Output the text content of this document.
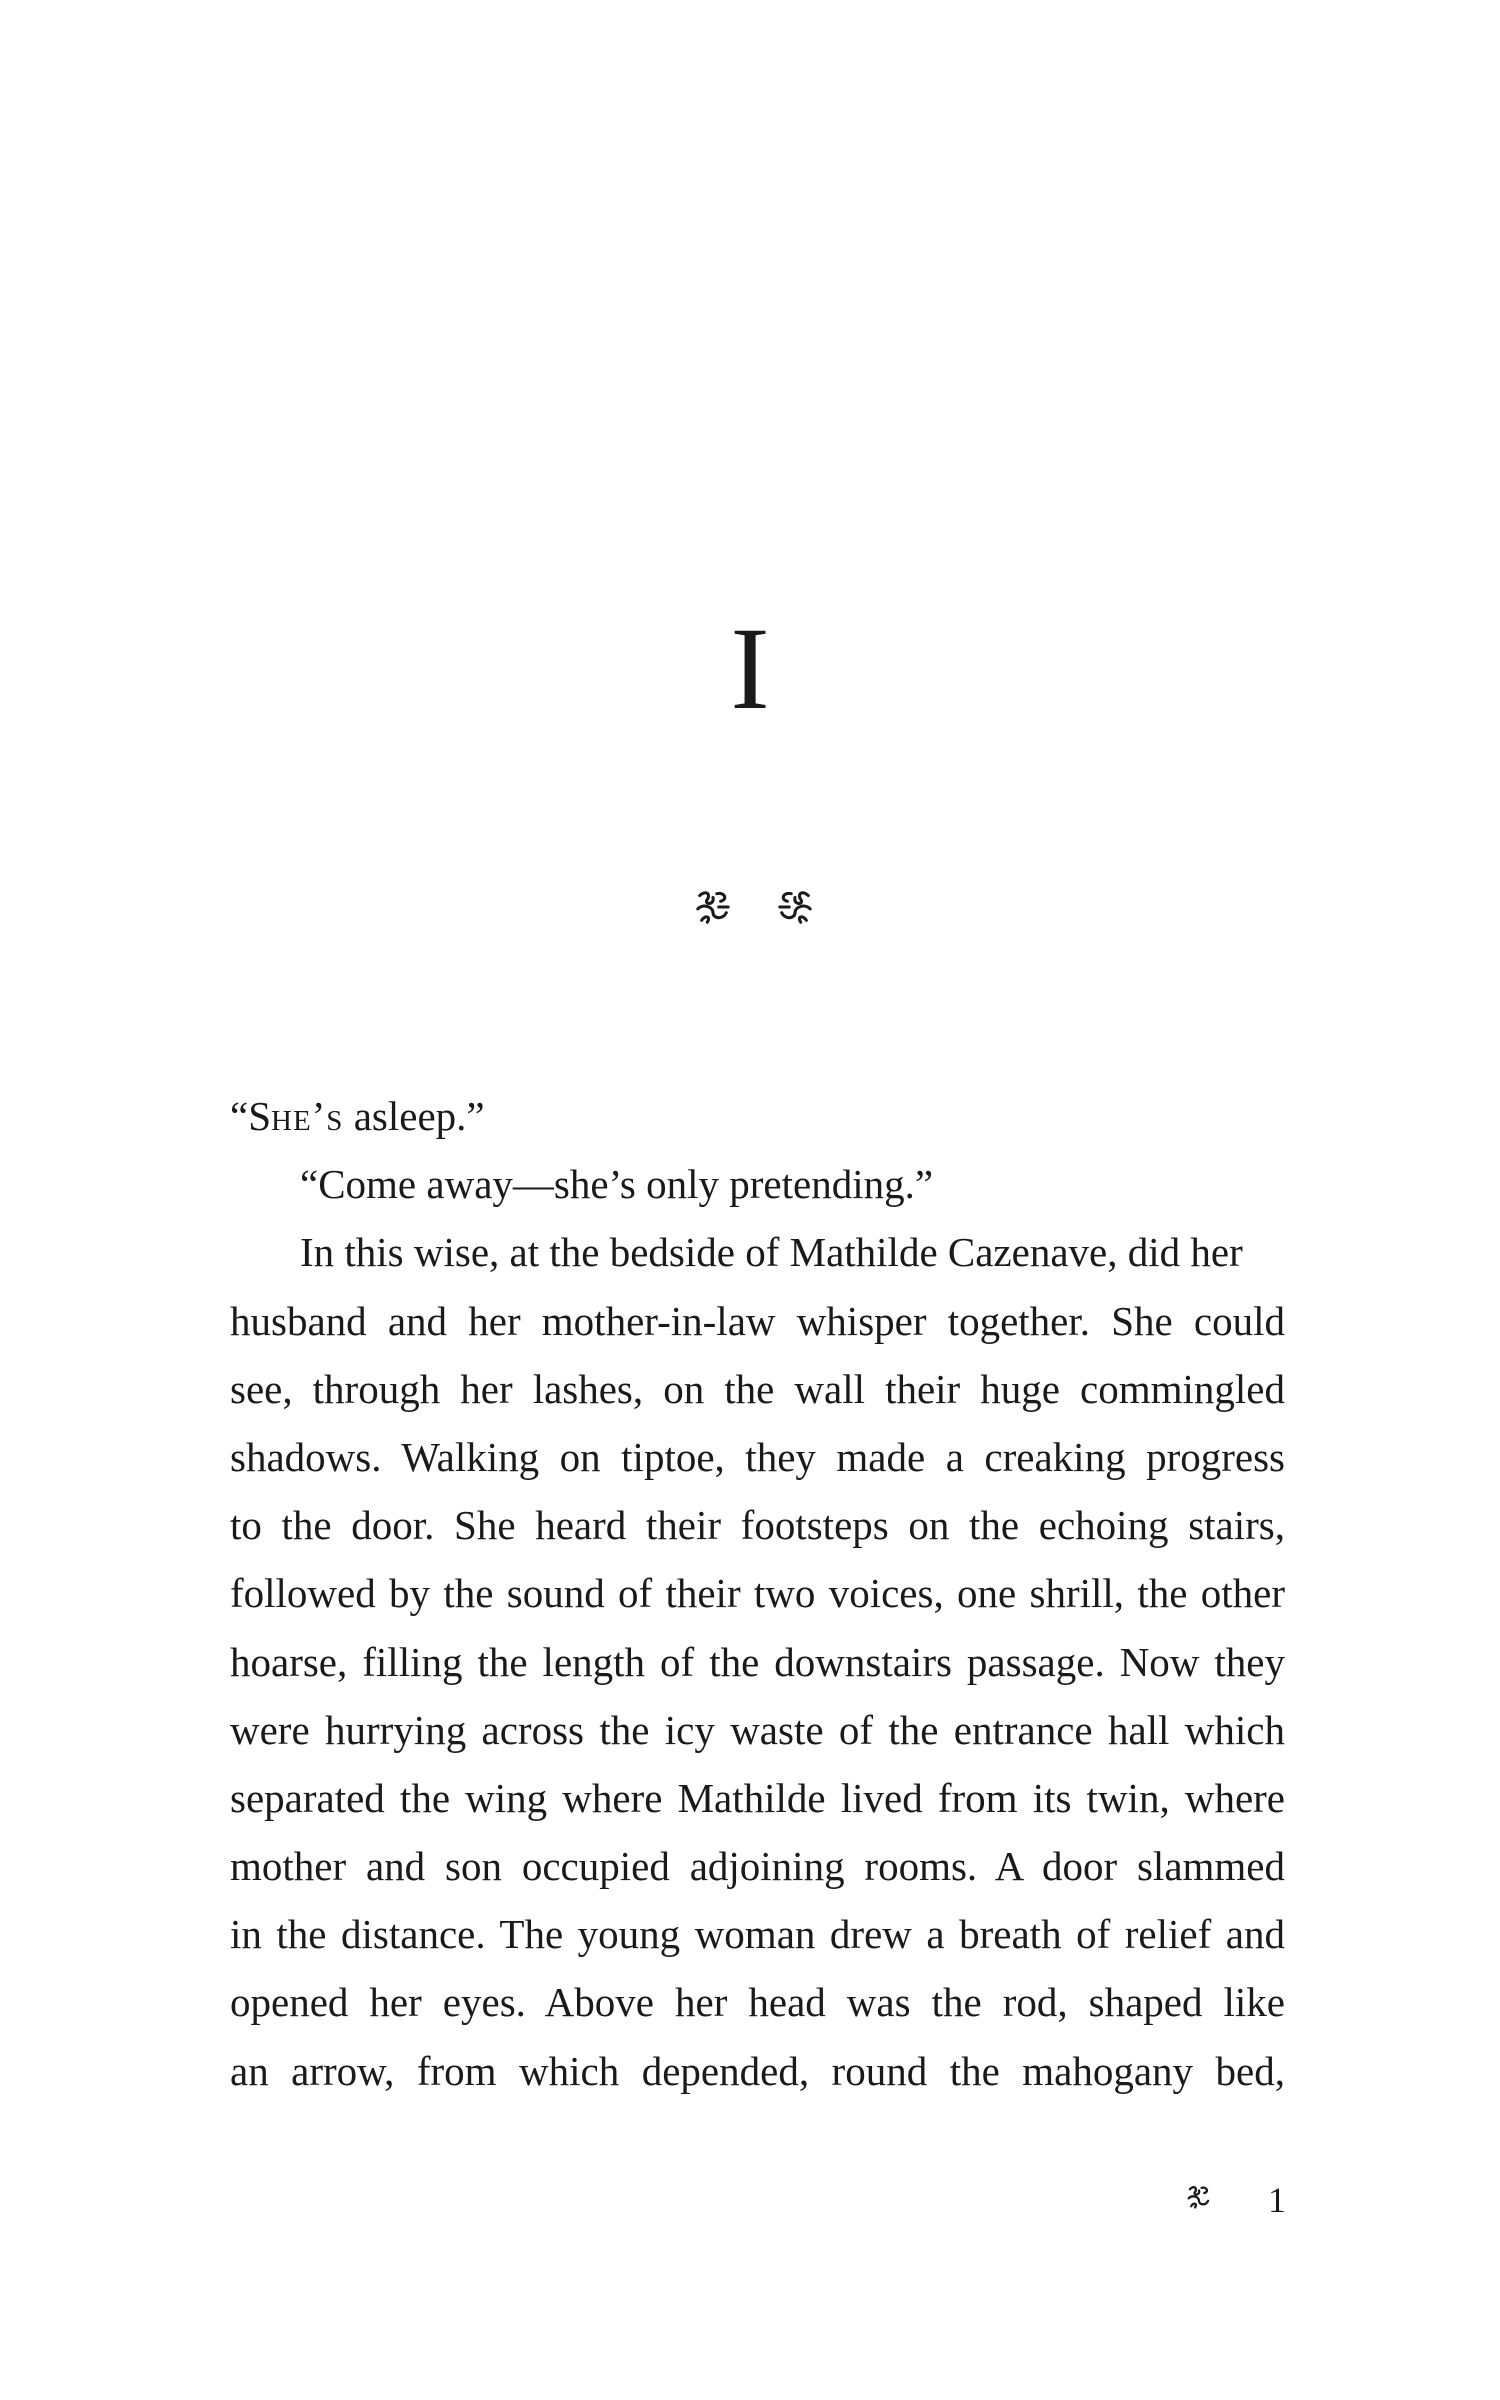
I
“She’s asleep.”
“Come away—she’s only pretending.”
In this wise, at the bedside of Mathilde Cazenave, did her
husband and her mother-in-law whisper together. She could
see, through her lashes, on the wall their huge commingled
shadows. Walking on tiptoe, they made a creaking progress
to the door. She heard their footsteps on the echoing stairs,
followed by the sound of their two voices, one shrill, the other
hoarse, filling the length of the downstairs passage. Now they
were hurrying across the icy waste of the entrance hall which
separated the wing where Mathilde lived from its twin, where
mother and son occupied adjoining rooms. A door slammed
in the distance. The young woman drew a breath of relief and
opened her eyes. Above her head was the rod, shaped like
an arrow, from which depended, round the mahogany bed,
1
